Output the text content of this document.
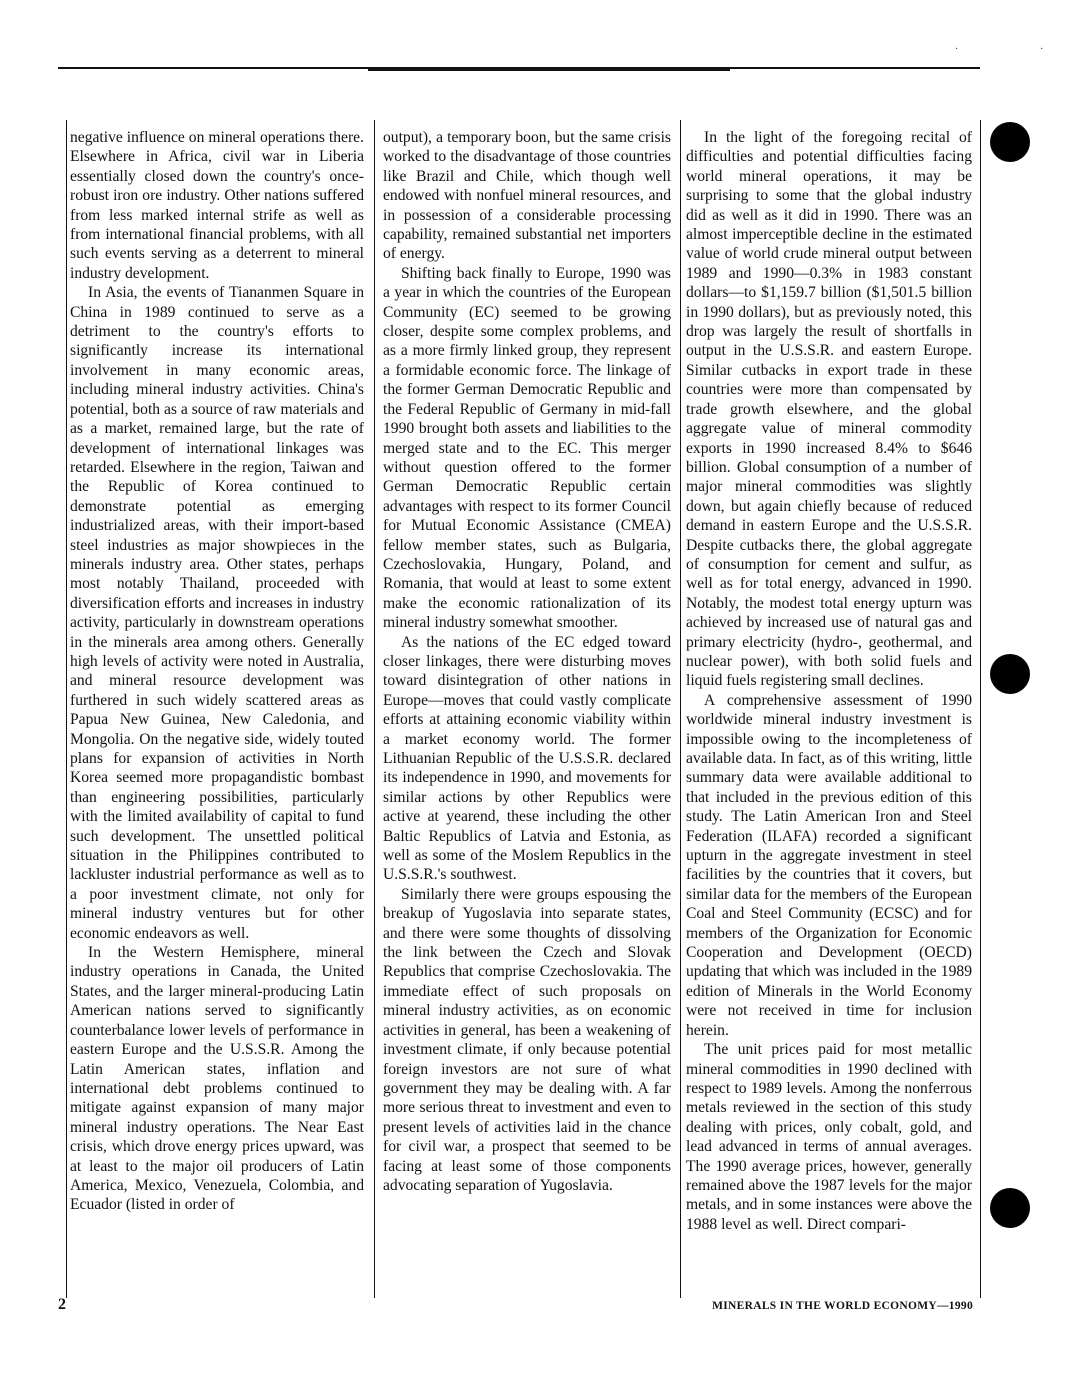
·	·

negative influence on mineral operations there. Elsewhere in Africa, civil war in Liberia essentially closed down the country's once-robust iron ore industry. Other nations suffered from less marked internal strife as well as from international financial problems, with all such events serving as a deterrent to mineral industry development.

In Asia, the events of Tiananmen Square in China in 1989 continued to serve as a detriment to the country's efforts to significantly increase its international involvement in many economic areas, including mineral industry activities. China's potential, both as a source of raw materials and as a market, remained large, but the rate of development of international linkages was retarded. Elsewhere in the region, Taiwan and the Republic of Korea continued to demonstrate potential as emerging industrialized areas, with their import-based steel industries as major showpieces in the minerals industry area. Other states, perhaps most notably Thailand, proceeded with diversification efforts and increases in industry activity, particularly in downstream operations in the minerals area among others. Generally high levels of activity were noted in Australia, and mineral resource development was furthered in such widely scattered areas as Papua New Guinea, New Caledonia, and Mongolia. On the negative side, widely touted plans for expansion of activities in North Korea seemed more propagandistic bombast than engineering possibilities, particularly with the limited availability of capital to fund such development. The unsettled political situation in the Philippines contributed to lackluster industrial performance as well as to a poor investment climate, not only for mineral industry ventures but for other economic endeavors as well.

In the Western Hemisphere, mineral industry operations in Canada, the United States, and the larger mineral-producing Latin American nations served to significantly counterbalance lower levels of performance in eastern Europe and the U.S.S.R. Among the Latin American states, inflation and international debt problems continued to mitigate against expansion of many major mineral industry operations. The Near East crisis, which drove energy prices upward, was at least to the major oil producers of Latin America, Mexico, Venezuela, Colombia, and Ecuador (listed in order of

output), a temporary boon, but the same crisis worked to the disadvantage of those countries like Brazil and Chile, which though well endowed with nonfuel mineral resources, and in possession of a considerable processing capability, remained substantial net importers of energy.

Shifting back finally to Europe, 1990 was a year in which the countries of the European Community (EC) seemed to be growing closer, despite some complex problems, and as a more firmly linked group, they represent a formidable economic force. The linkage of the former German Democratic Republic and the Federal Republic of Germany in mid-fall 1990 brought both assets and liabilities to the merged state and to the EC. This merger without question offered to the former German Democratic Republic certain advantages with respect to its former Council for Mutual Economic Assistance (CMEA) fellow member states, such as Bulgaria, Czechoslovakia, Hungary, Poland, and Romania, that would at least to some extent make the economic rationalization of its mineral industry somewhat smoother.

As the nations of the EC edged toward closer linkages, there were disturbing moves toward disintegration of other nations in Europe—moves that could vastly complicate efforts at attaining economic viability within a market economy world. The former Lithuanian Republic of the U.S.S.R. declared its independence in 1990, and movements for similar actions by other Republics were active at yearend, these including the other Baltic Republics of Latvia and Estonia, as well as some of the Moslem Republics in the U.S.S.R.'s southwest.

Similarly there were groups espousing the breakup of Yugoslavia into separate states, and there were some thoughts of dissolving the link between the Czech and Slovak Republics that comprise Czechoslovakia. The immediate effect of such proposals on mineral industry activities, as on economic activities in general, has been a weakening of investment climate, if only because potential foreign investors are not sure of what government they may be dealing with. A far more serious threat to investment and even to present levels of activities laid in the chance for civil war, a prospect that seemed to be facing at least some of those components advocating separation of Yugoslavia.

In the light of the foregoing recital of difficulties and potential difficulties facing world mineral operations, it may be surprising to some that the global industry did as well as it did in 1990. There was an almost imperceptible decline in the estimated value of world crude mineral output between 1989 and 1990—0.3% in 1983 constant dollars—to $1,159.7 billion ($1,501.5 billion in 1990 dollars), but as previously noted, this drop was largely the result of shortfalls in output in the U.S.S.R. and eastern Europe. Similar cutbacks in export trade in these countries were more than compensated by trade growth elsewhere, and the global aggregate value of mineral commodity exports in 1990 increased 8.4% to $646 billion. Global consumption of a number of major mineral commodities was slightly down, but again chiefly because of reduced demand in eastern Europe and the U.S.S.R. Despite cutbacks there, the global aggregate of consumption for cement and sulfur, as well as for total energy, advanced in 1990. Notably, the modest total energy upturn was achieved by increased use of natural gas and primary electricity (hydro-, geothermal, and nuclear power), with both solid fuels and liquid fuels registering small declines.

A comprehensive assessment of 1990 worldwide mineral industry investment is impossible owing to the incompleteness of available data. In fact, as of this writing, little summary data were available additional to that included in the previous edition of this study. The Latin American Iron and Steel Federation (ILAFA) recorded a significant upturn in the aggregate investment in steel facilities by the countries that it covers, but similar data for the members of the European Coal and Steel Community (ECSC) and for members of the Organization for Economic Cooperation and Development (OECD) updating that which was included in the 1989 edition of Minerals in the World Economy were not received in time for inclusion herein.

The unit prices paid for most metallic mineral commodities in 1990 declined with respect to 1989 levels. Among the nonferrous metals reviewed in the section of this study dealing with prices, only cobalt, gold, and lead advanced in terms of annual averages. The 1990 average prices, however, generally remained above the 1987 levels for the major metals, and in some instances were above the 1988 level as well. Direct compari-

2	MINERALS IN THE WORLD ECONOMY—1990
